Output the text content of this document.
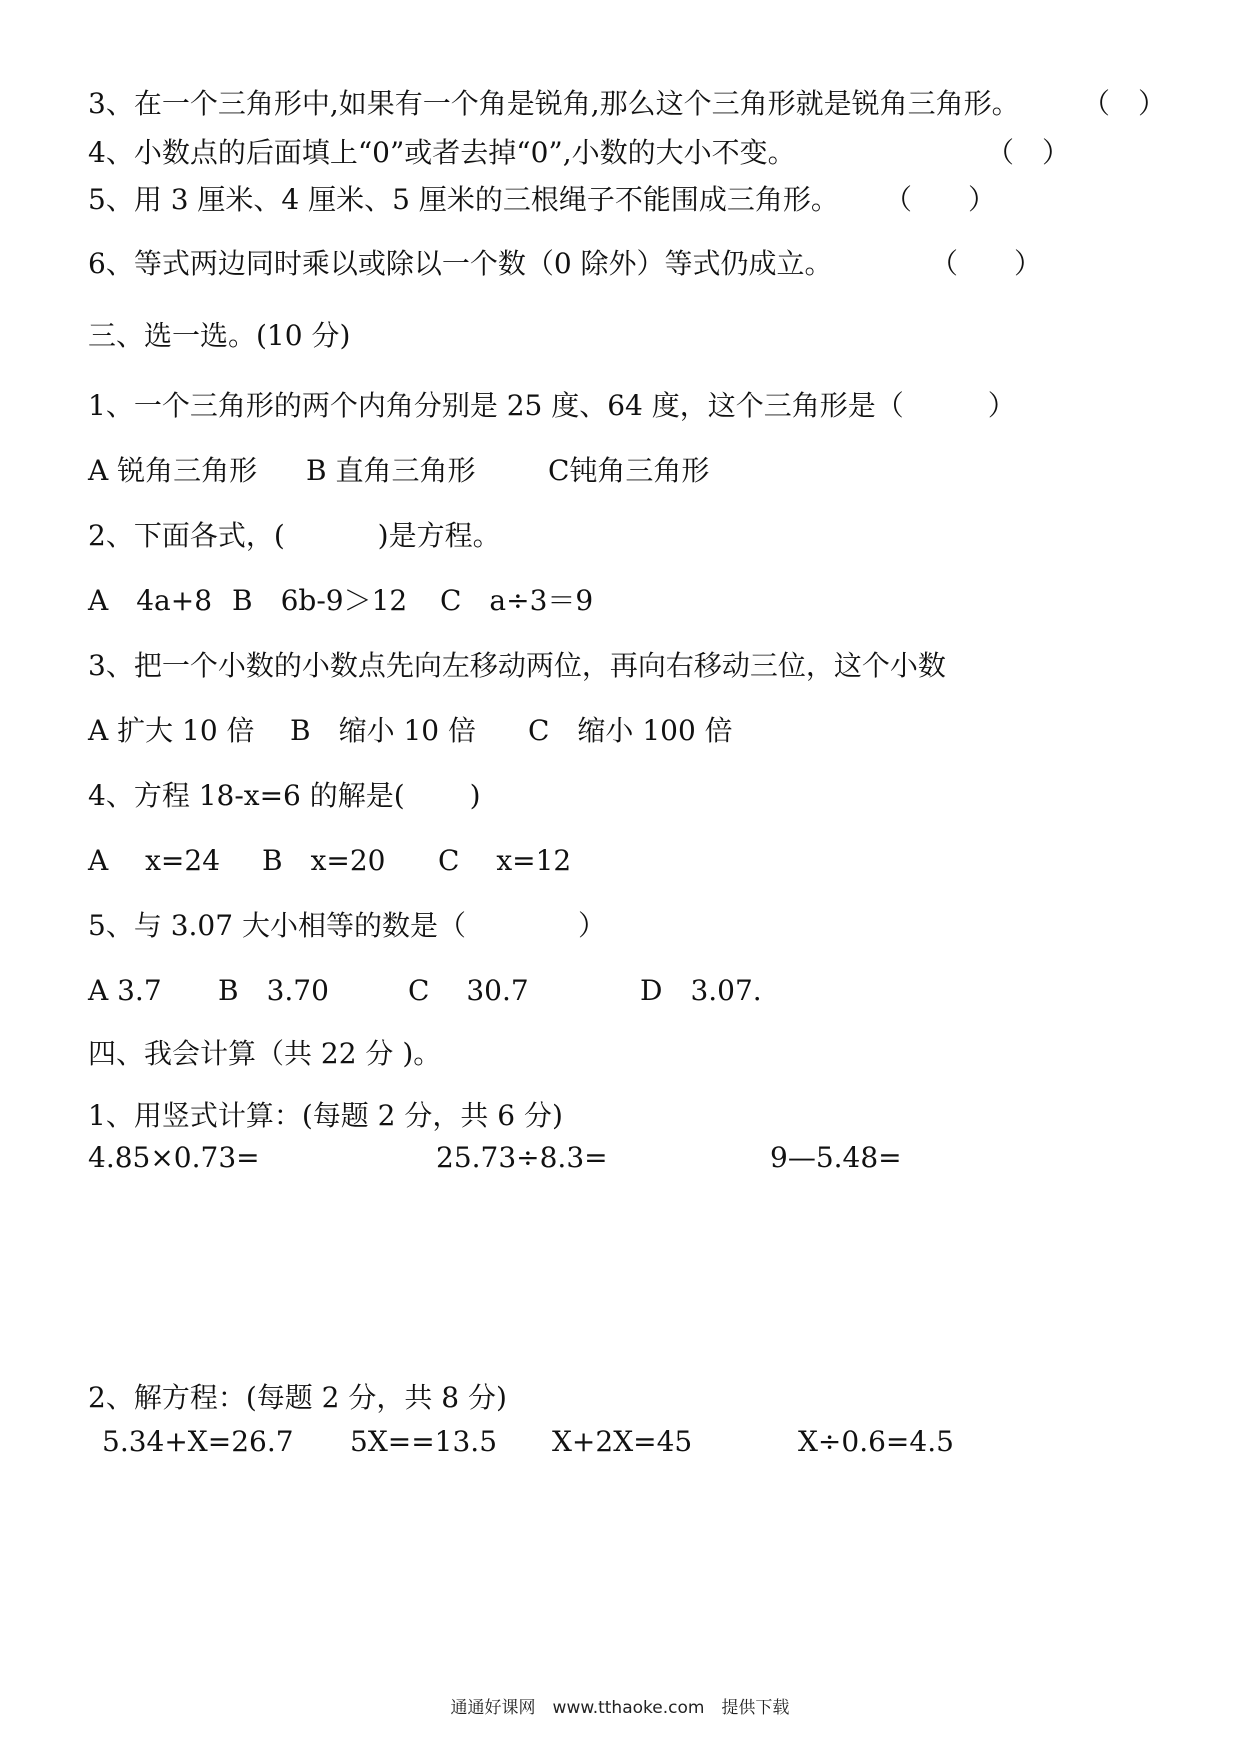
3、在一个三角形中,如果有一个角是锐角,那么这个三角形就是锐角三角形。 （　）
4、小数点的后面填上“0”或者去掉“0”,小数的大小不变。	（　）
5、用 3 厘米、4 厘米、5 厘米的三根绳子不能围成三角形。 （　　）
6、等式两边同时乘以或除以一个数（0 除外）等式仍成立。	（　　）
三、选一选。(10 分)
1、一个三角形的两个内角分别是 25 度、64 度，这个三角形是（　　　）
A 锐角三角形 B 直角三角形	C钝角三角形
2、下面各式，(　　　 )是方程。
A　4a+8 B　6b-9＞12 C　a÷3＝9
3、把一个小数的小数点先向左移动两位，再向右移动三位，这个小数
A 扩大 10 倍 B　缩小 10 倍 C　缩小 100 倍
4、方程 18-x=6 的解是(　　 )
A　 x=24 B　x=20 C　 x=12
5、与 3.07 大小相等的数是（　　　　）
A 3.7 B　3.70	C　 30.7	D　3.07.
四、我会计算（共 22 分 )。
1、用竖式计算：(每题 2 分，共 6 分)
4.85×0.73=	25.73÷8.3=	9—5.48=
2、解方程：(每题 2 分，共 8 分)
5.34+X=26.7 5X==13.5 X+2X=45	X÷0.6=4.5
通通好课网　www.tthaoke.com　提供下载
